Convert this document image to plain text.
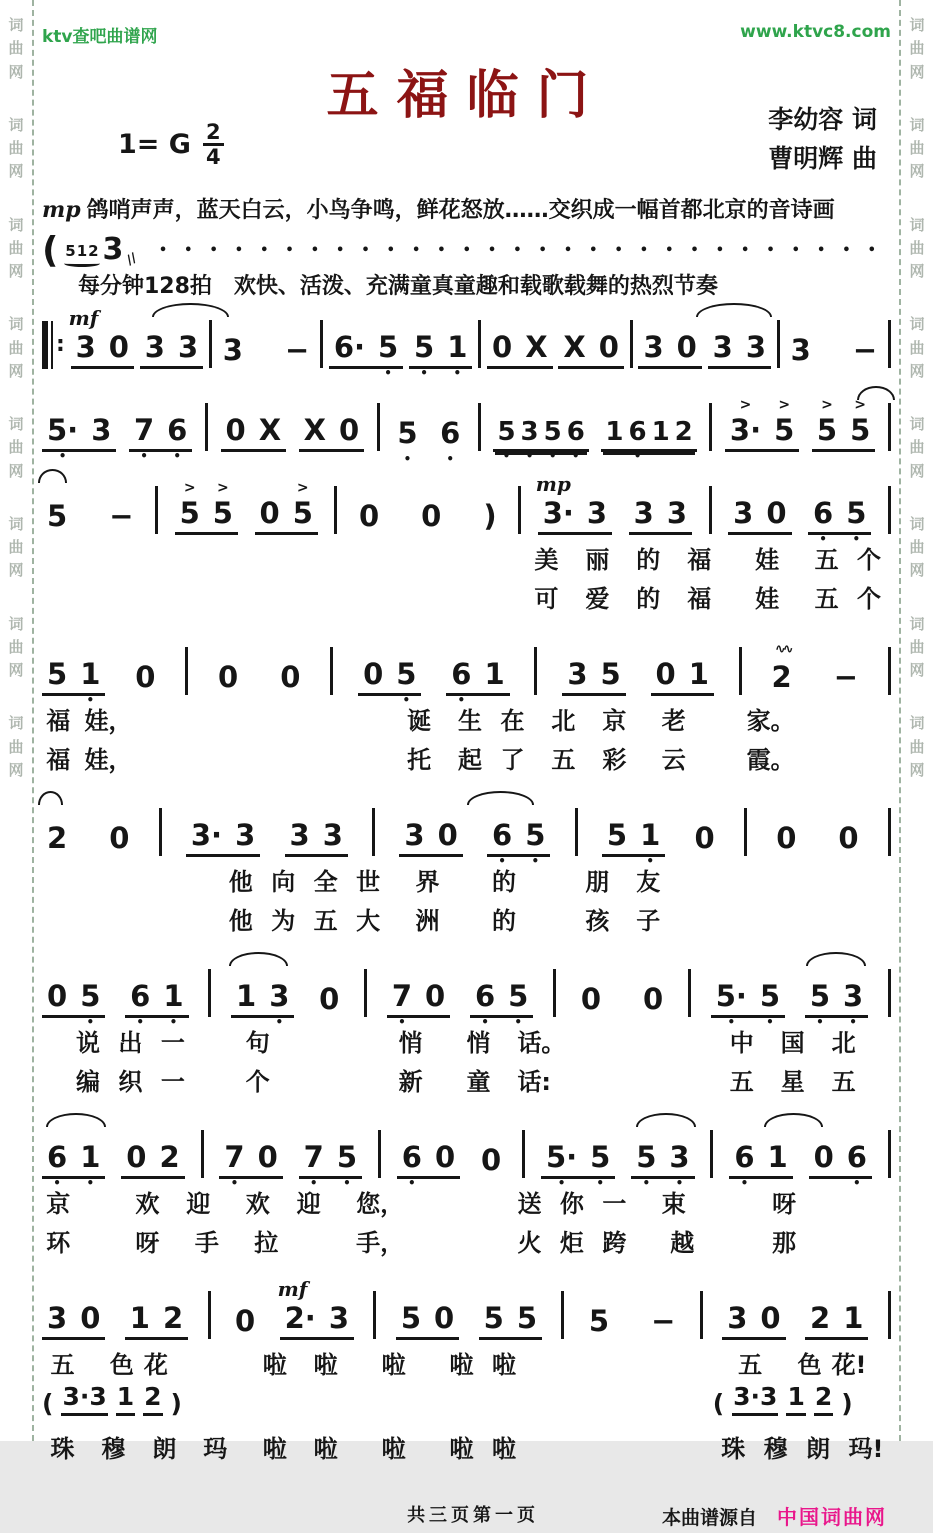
词
曲
网
词
曲
网
词
曲
网
词
曲
网
词
曲
网
词
曲
网
词
曲
网
词
曲
网
词
曲
网
词
曲
网
词
曲
网
词
曲
网
词
曲
网
词
曲
网
词
曲
网
词
曲
网
ktv查吧曲谱网	www.ktvc8.com
五福临门	李幼容 词
曹明辉 曲
1= G $\frac{2}{4}$
mp 鸽哨声声，蓝天白云，小鸟争鸣，鲜花怒放……交织成一幅首都北京的音诗画
( 512 3 //
• • • • • • • • • • • • • • • • • • • • • • • • • • • • •
每分钟128拍　欢快、活泼、充满童真童趣和载歌载舞的热烈节奏
:
mf
3 0 3 3 3 − 6· 5
•
5
•
1
•
0 X X 0 3 0 3 3 3 −
5·
•
3 7
•
6
•
0 X X 0 5
•
6
•
5
•
3
•
5
•
6
•
1 6
•
1 2 3·
>
5
>
5
>
5
>
5 − 5
>
5
>
0 5
>
0 0 )
mp
3· 3 3 3 3 0 6
•
5
•
美 丽 的 福 娃 五 个
可 爱 的 福 娃 五 个
5 1
•
0 0 0 0 5
•
6
•
1 3 5 0 1 2
∿∿
−
福 娃，	诞 生 在 北 京 老	家。
福 娃，	托 起 了 五 彩 云	霞。
2 0 3· 3 3 3 3 0 6
•
5
•
5 1
•
0 0 0
他 向 全 世 界 的	朋 友
他 为 五 大 洲 的	孩 子
0 5
•
6
•
1
•
1 3
•
0 7
•
0 6
•
5
•
0 0 5·
•
5
•
5
•
3
•
说 出 一	句	悄 悄 话。	中 国 北
编 织 一	个	新 童 话:	五 星 五
6
•
1
•
0 2 7
•
0 7
•
5
•
6
•
0 0 5·
•
5
•
5
•
3
•
6
•
1 0 6
•
京	欢 迎 欢 迎 您，	送 你 一 束	呀
环	呀 手 拉	手，	火 炬 跨 越	那
3 0 1 2 0
mf
2· 3 5 0 5 5 5 − 3 0 2 1
五 色 花	啦 啦 啦 啦 啦	五 色 花!
( 3·3 1 2 )	( 3·3 1 2 )
珠 穆 朗 玛 啦 啦 啦 啦 啦	珠 穆 朗 玛!
共三页第一页	本曲谱源自 中国词曲网
